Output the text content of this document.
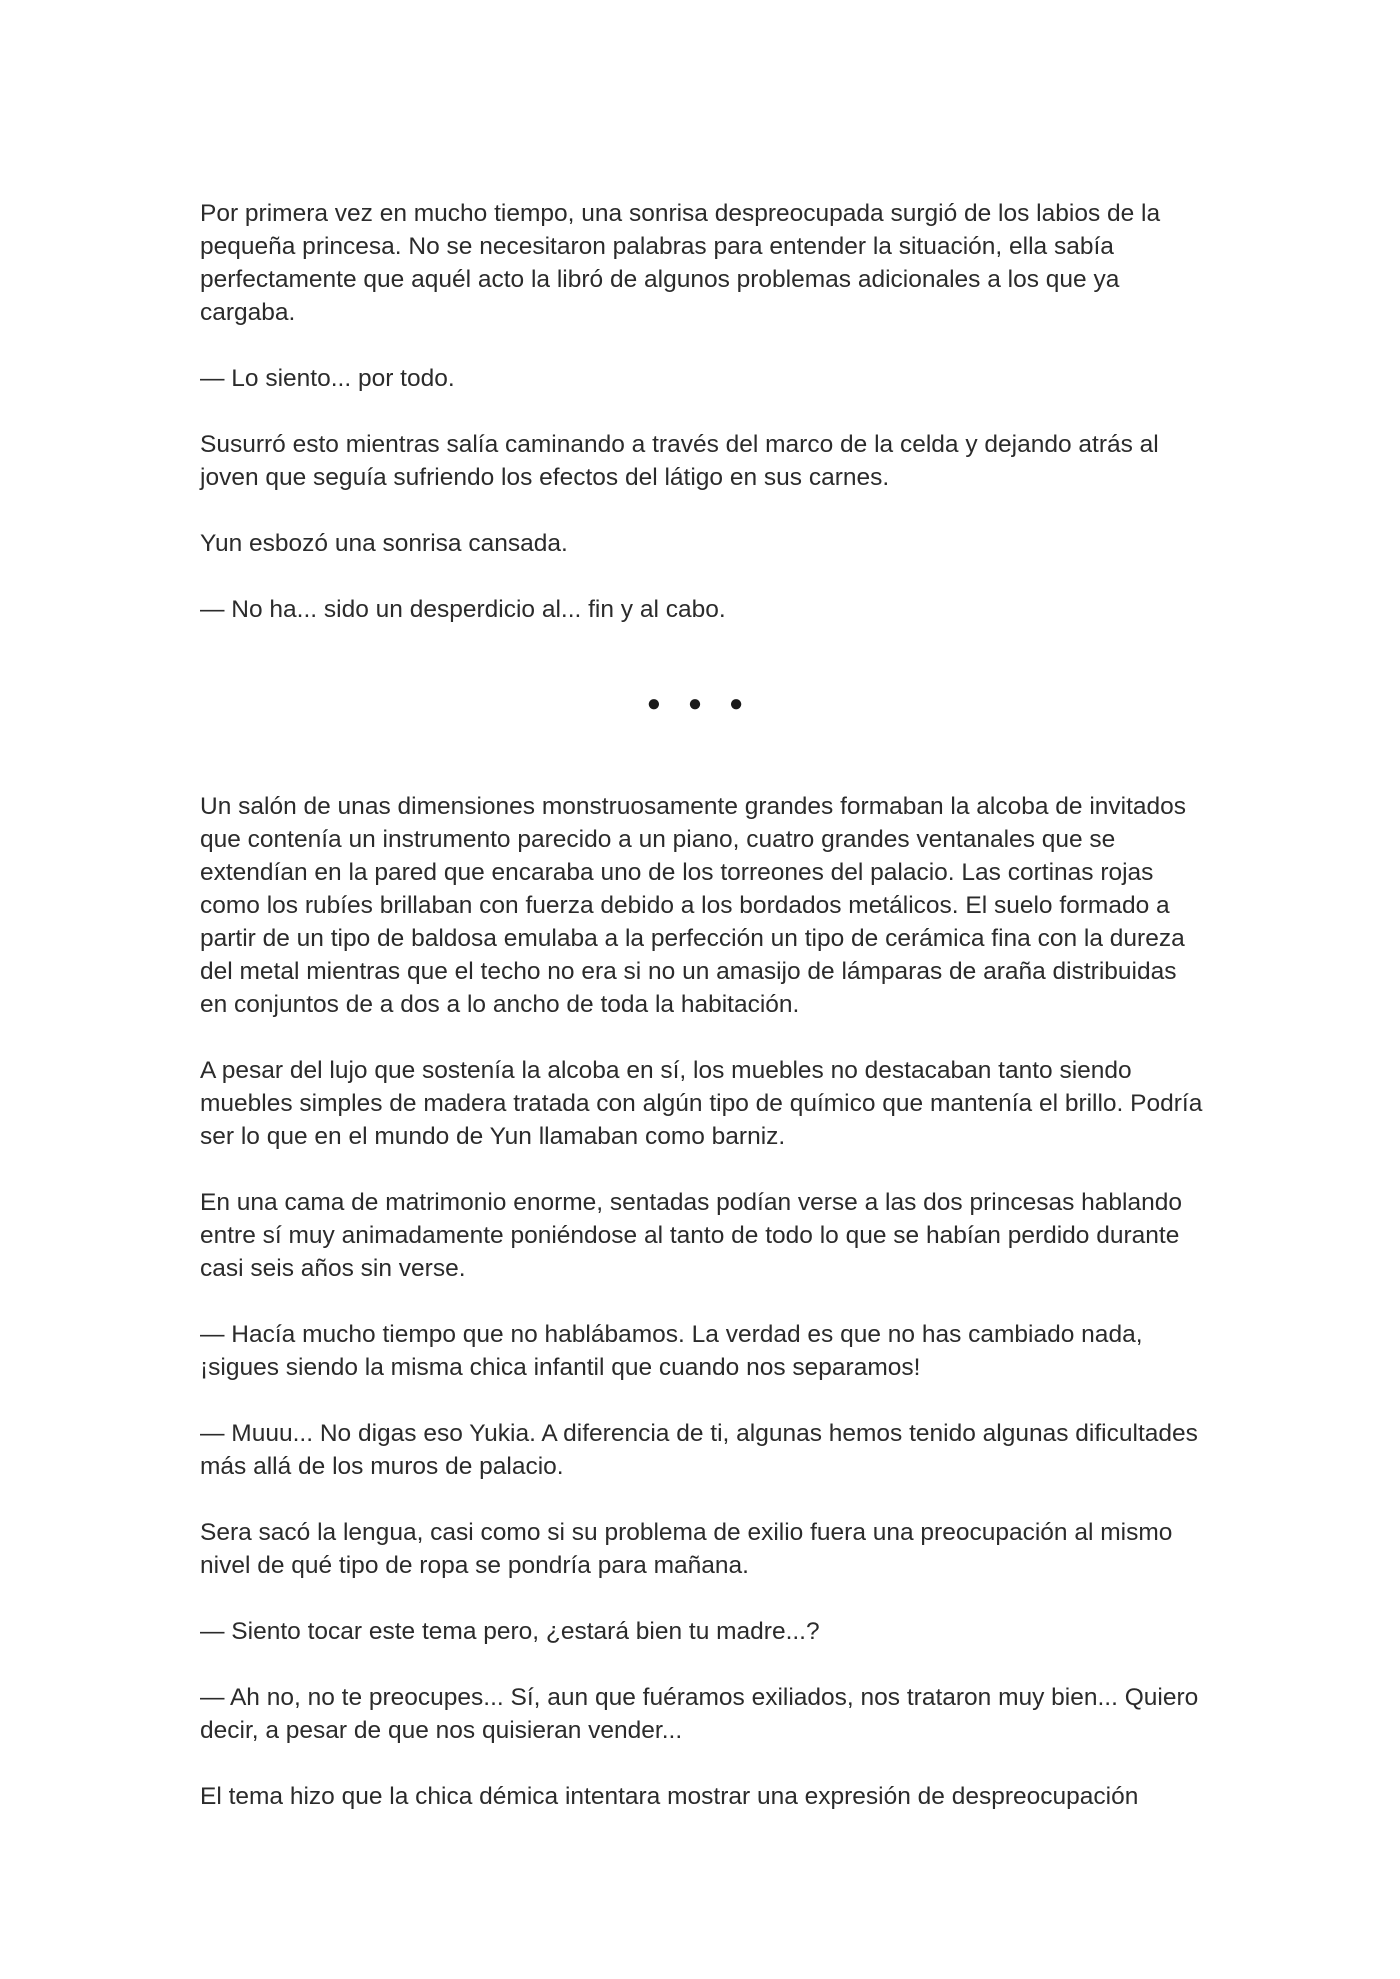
Por primera vez en mucho tiempo, una sonrisa despreocupada surgió de los labios de la pequeña princesa. No se necesitaron palabras para entender la situación, ella sabía perfectamente que aquél acto la libró de algunos problemas adicionales a los que ya cargaba.

— Lo siento... por todo.

Susurró esto mientras salía caminando a través del marco de la celda y dejando atrás al joven que seguía sufriendo los efectos del látigo en sus carnes.

Yun esbozó una sonrisa cansada.

— No ha... sido un desperdicio al... fin y al cabo.

● ● ●

Un salón de unas dimensiones monstruosamente grandes formaban la alcoba de invitados que contenía un instrumento parecido a un piano, cuatro grandes ventanales que se extendían en la pared que encaraba uno de los torreones del palacio. Las cortinas rojas como los rubíes brillaban con fuerza debido a los bordados metálicos. El suelo formado a partir de un tipo de baldosa emulaba a la perfección un tipo de cerámica fina con la dureza del metal mientras que el techo no era si no un amasijo de lámparas de araña distribuidas en conjuntos de a dos a lo ancho de toda la habitación.

A pesar del lujo que sostenía la alcoba en sí, los muebles no destacaban tanto siendo muebles simples de madera tratada con algún tipo de químico que mantenía el brillo. Podría ser lo que en el mundo de Yun llamaban como barniz.

En una cama de matrimonio enorme, sentadas podían verse a las dos princesas hablando entre sí muy animadamente poniéndose al tanto de todo lo que se habían perdido durante casi seis años sin verse.

— Hacía mucho tiempo que no hablábamos. La verdad es que no has cambiado nada, ¡sigues siendo la misma chica infantil que cuando nos separamos!

— Muuu... No digas eso Yukia. A diferencia de ti, algunas hemos tenido algunas dificultades más allá de los muros de palacio.

Sera sacó la lengua, casi como si su problema de exilio fuera una preocupación al mismo nivel de qué tipo de ropa se pondría para mañana.

— Siento tocar este tema pero, ¿estará bien tu madre...?

— Ah no, no te preocupes... Sí, aun que fuéramos exiliados, nos trataron muy bien... Quiero decir, a pesar de que nos quisieran vender...

El tema hizo que la chica démica intentara mostrar una expresión de despreocupación
